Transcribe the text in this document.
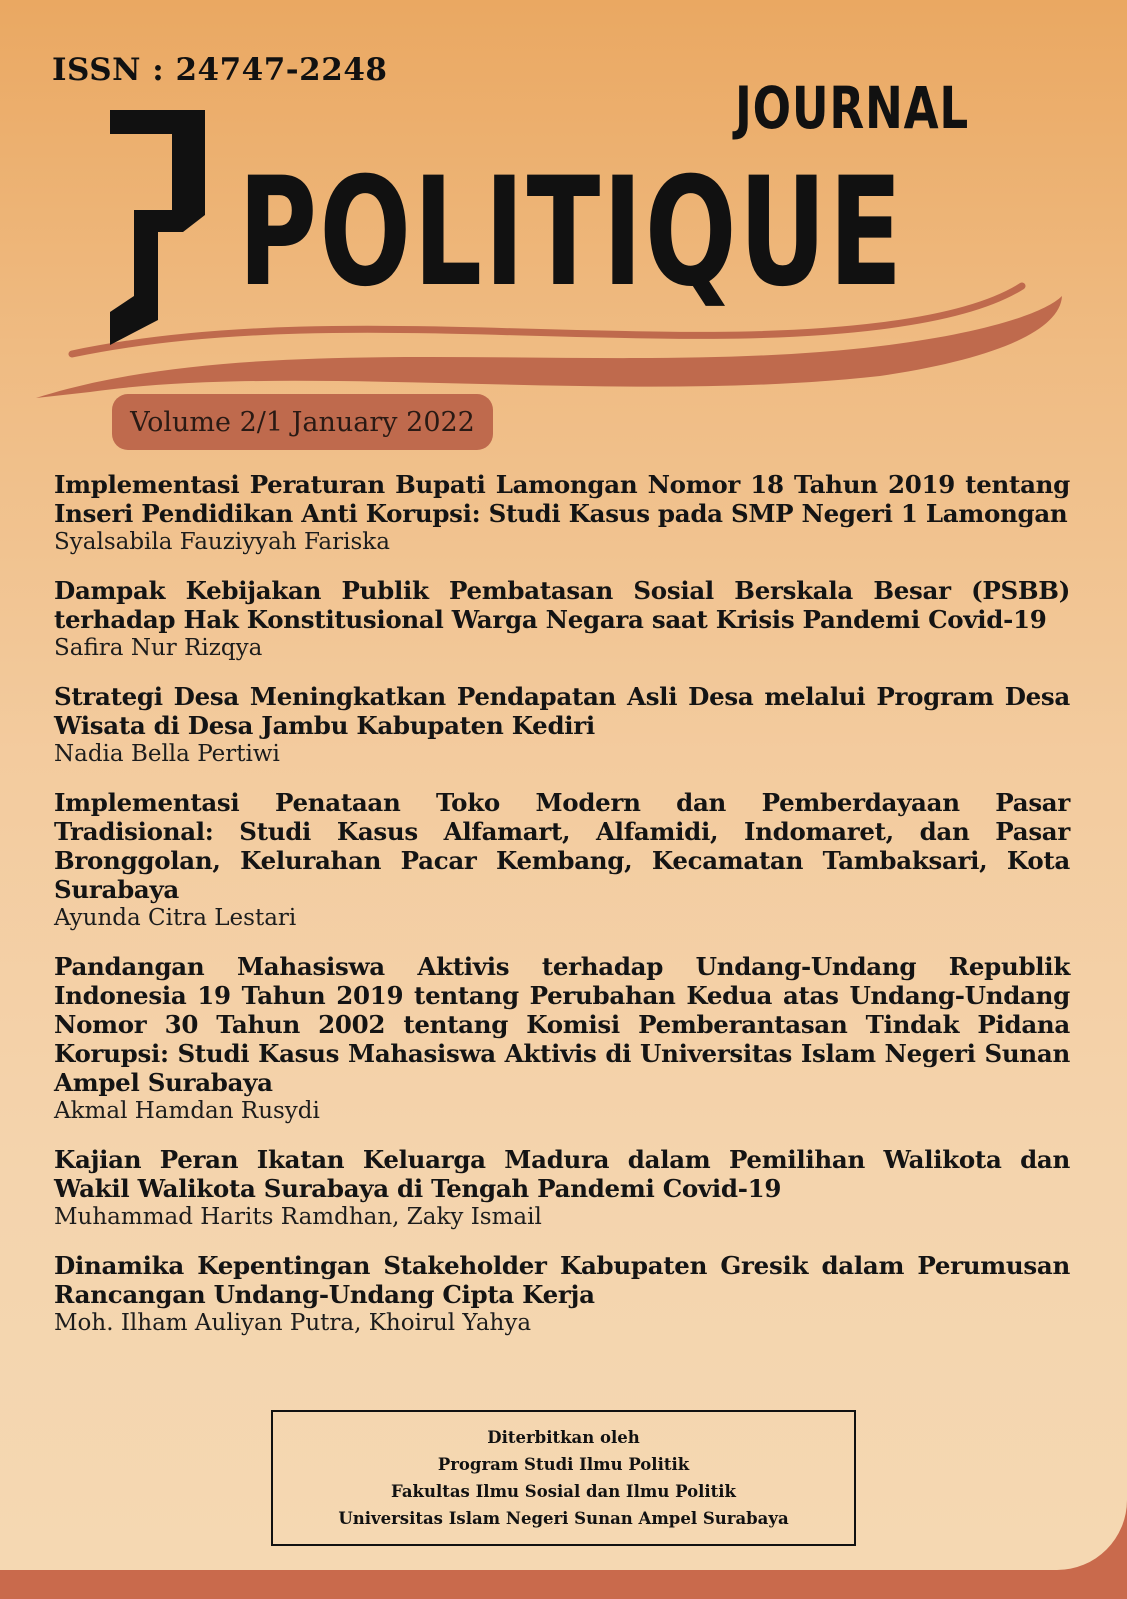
ISSN : 24747-2248

JOURNAL

POLITIQUE

Volume 2/1 January 2022

Implementasi Peraturan Bupati Lamongan Nomor 18 Tahun 2019 tentang Inseri Pendidikan Anti Korupsi: Studi Kasus pada SMP Negeri 1 Lamongan

Syalsabila Fauziyyah Fariska

Dampak Kebijakan Publik Pembatasan Sosial Berskala Besar (PSBB) terhadap Hak Konstitusional Warga Negara saat Krisis Pandemi Covid-19

Safira Nur Rizqya

Strategi Desa Meningkatkan Pendapatan Asli Desa melalui Program Desa Wisata di Desa Jambu Kabupaten Kediri

Nadia Bella Pertiwi

Implementasi Penataan Toko Modern dan Pemberdayaan Pasar Tradisional: Studi Kasus Alfamart, Alfamidi, Indomaret, dan Pasar Bronggolan, Kelurahan Pacar Kembang, Kecamatan Tambaksari, Kota Surabaya

Ayunda Citra Lestari

Pandangan Mahasiswa Aktivis terhadap Undang-Undang Republik Indonesia 19 Tahun 2019 tentang Perubahan Kedua atas Undang-Undang Nomor 30 Tahun 2002 tentang Komisi Pemberantasan Tindak Pidana Korupsi: Studi Kasus Mahasiswa Aktivis di Universitas Islam Negeri Sunan Ampel Surabaya

Akmal Hamdan Rusydi

Kajian Peran Ikatan Keluarga Madura dalam Pemilihan Walikota dan Wakil Walikota Surabaya di Tengah Pandemi Covid-19

Muhammad Harits Ramdhan, Zaky Ismail

Dinamika Kepentingan Stakeholder Kabupaten Gresik dalam Perumusan Rancangan Undang-Undang Cipta Kerja

Moh. Ilham Auliyan Putra, Khoirul Yahya

Diterbitkan oleh
Program Studi Ilmu Politik
Fakultas Ilmu Sosial dan Ilmu Politik
Universitas Islam Negeri Sunan Ampel Surabaya
